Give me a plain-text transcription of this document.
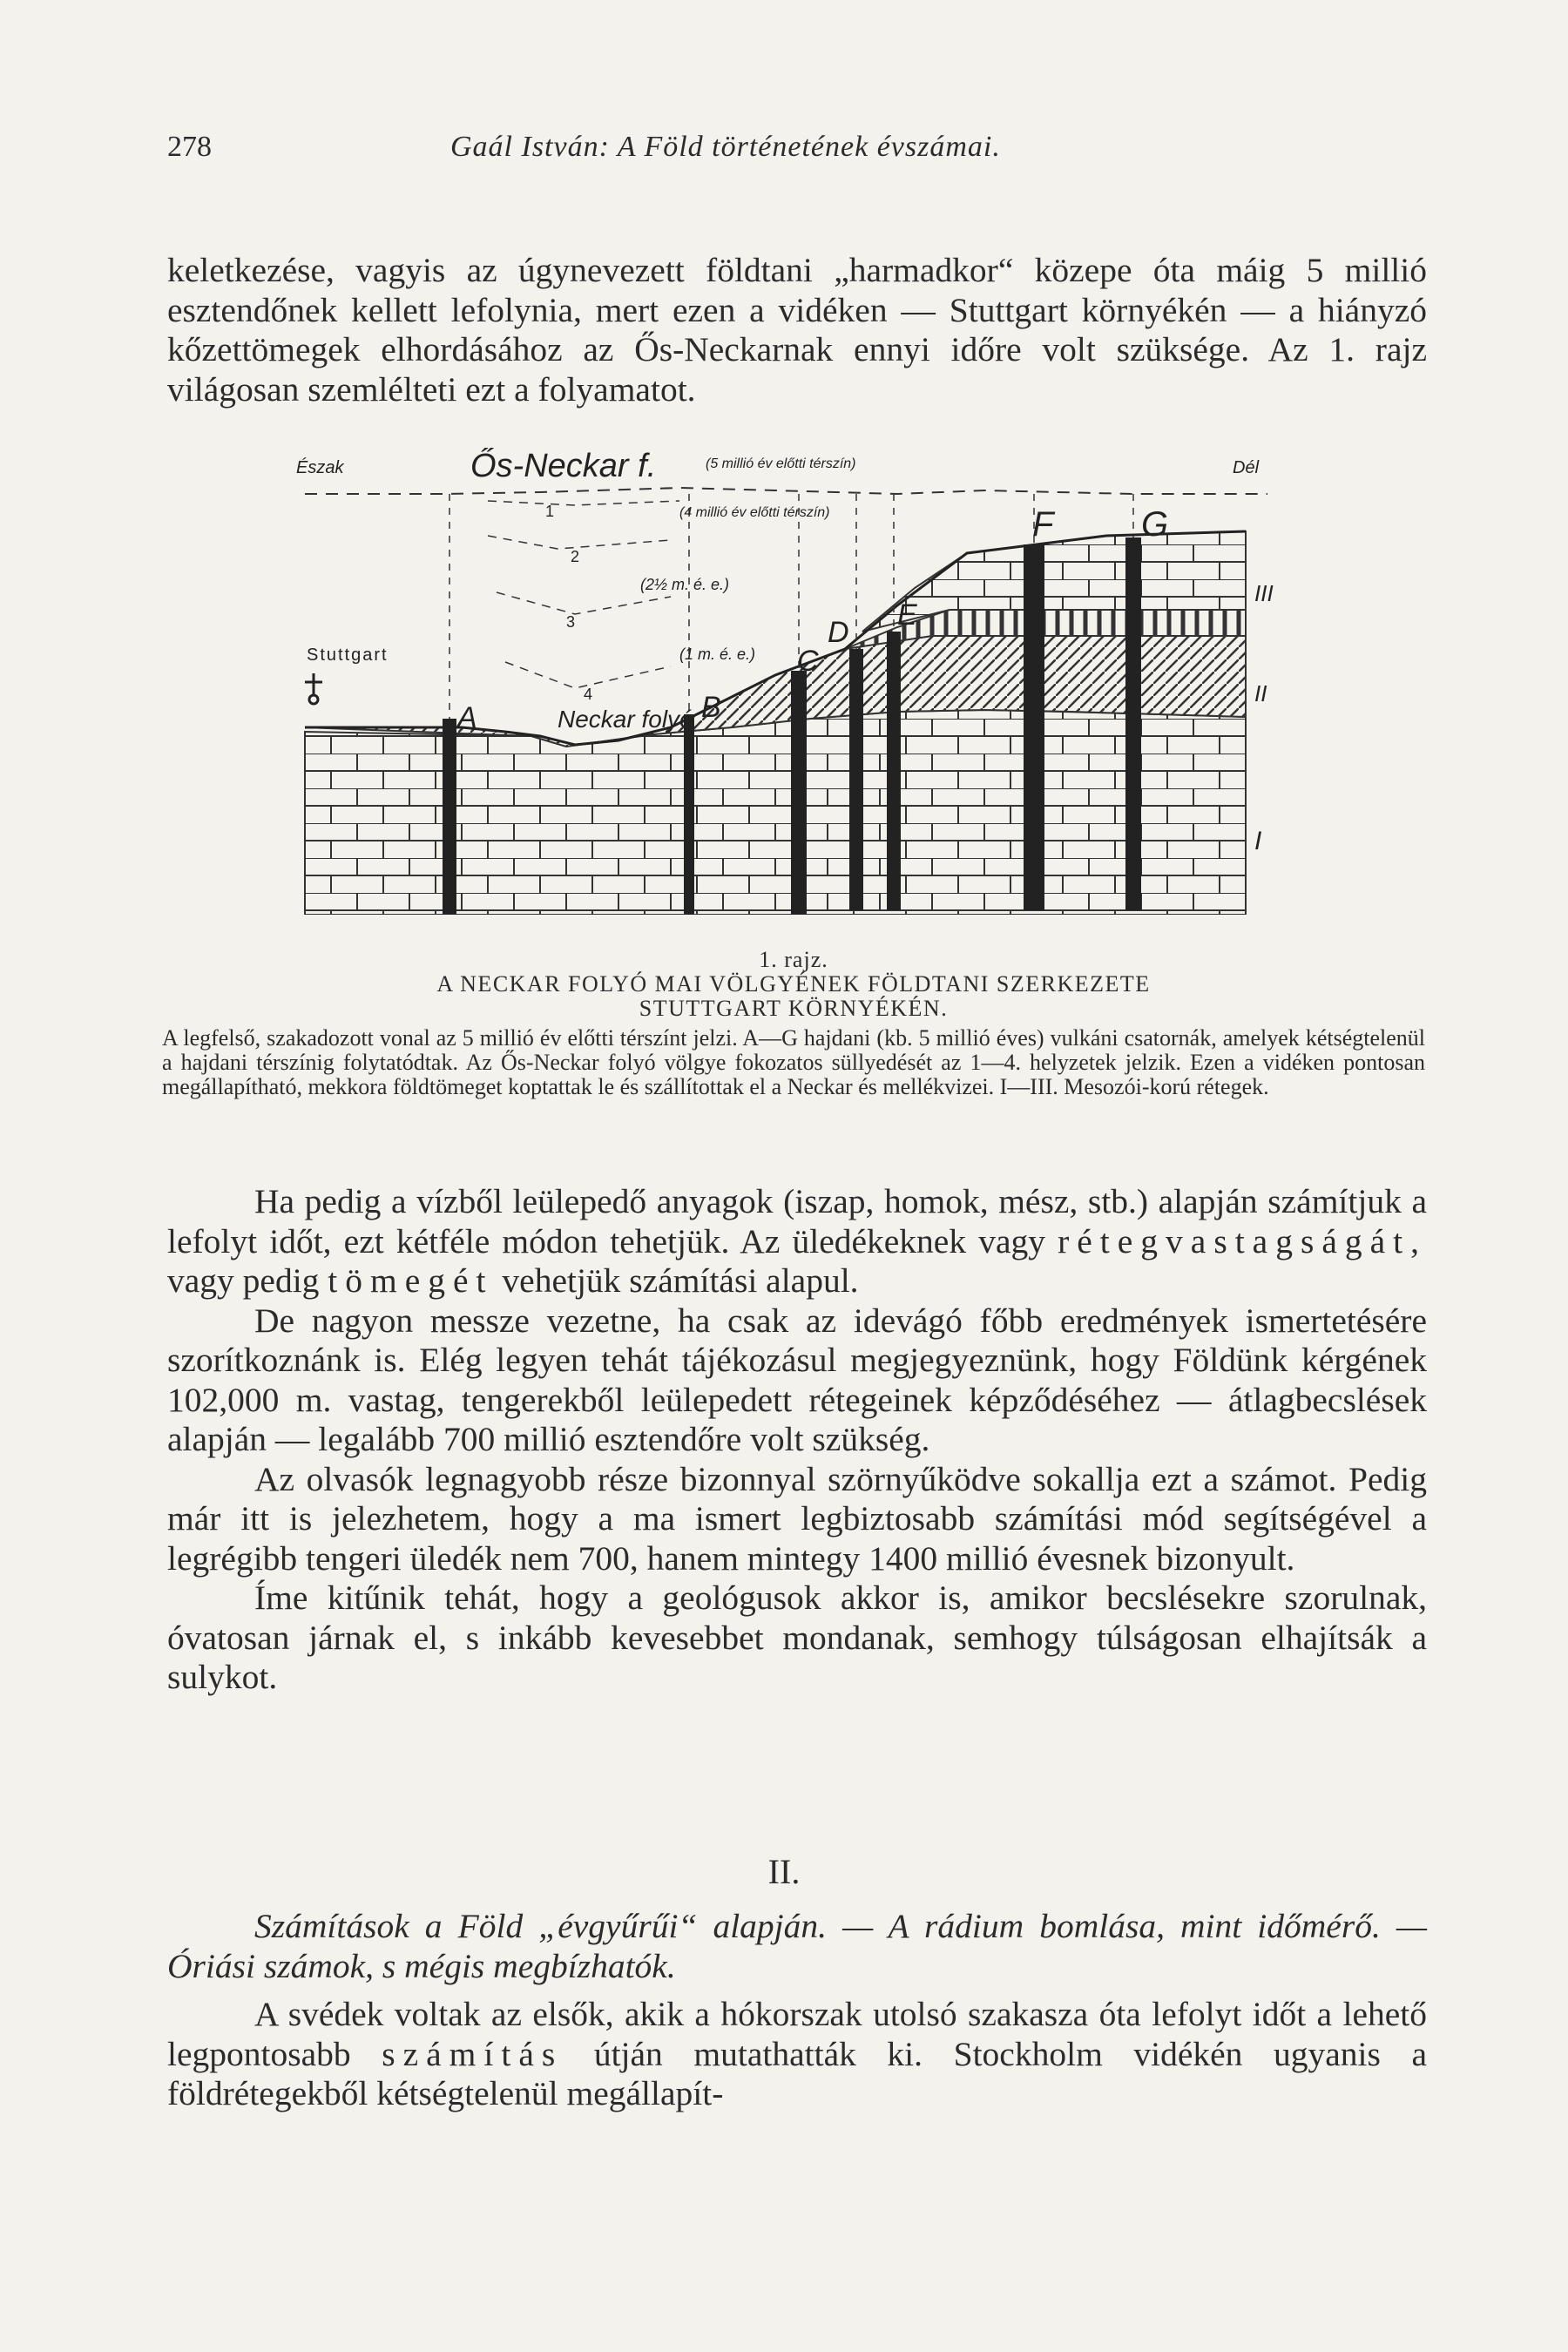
278	Gaál István: A Föld történetének évszámai.

keletkezése, vagyis az úgynevezett földtani „harmadkor“ közepe óta máig 5 millió esztendőnek kellett lefolynia, mert ezen a vidéken — Stuttgart környékén — a hiányzó kőzettömegek elhordásához az Ős-Neckarnak ennyi időre volt szüksége. Az 1. rajz világosan szemlélteti ezt a folyamatot.

Észak	Dél
Ős-Neckar f.	(5 millió év előtti térszín)
(4 millió év előtti térszín)
(2½ m. é. e.)
(1 m. é. e.)
Stuttgart
Neckar folyó
1
2
3
4
A	B
C
D
E
F	G
I
II
III
1. rajz.
A NECKAR FOLYÓ MAI VÖLGYÉNEK FÖLDTANI SZERKEZETE
STUTTGART KÖRNYÉKÉN.
A legfelső, szakadozott vonal az 5 millió év előtti térszínt jelzi. A—G hajdani (kb. 5 millió éves) vulkáni csatornák, amelyek kétségtelenül a hajdani térszínig folytatódtak. Az Ős-Neckar folyó völgye fokozatos süllyedését az 1—4. helyzetek jelzik. Ezen a vidéken pontosan megállapítható, mekkora földtömeget koptattak le és szállítottak el a Neckar és mellékvizei. I—III. Mesozói-korú rétegek.

Ha pedig a vízből leülepedő anyagok (iszap, homok, mész, stb.) alapján számítjuk a lefolyt időt, ezt kétféle módon tehetjük. Az üledékeknek vagy rétegvastagságát, vagy pedig tömegét vehetjük számítási alapul.

De nagyon messze vezetne, ha csak az idevágó főbb eredmények ismertetésére szorítkoznánk is. Elég legyen tehát tájékozásul megjegyeznünk, hogy Földünk kérgének 102,000 m. vastag, tengerekből leülepedett rétegeinek képződéséhez — átlagbecslések alapján — legalább 700 millió esztendőre volt szükség.

Az olvasók legnagyobb része bizonnyal szörnyűködve sokallja ezt a számot. Pedig már itt is jelezhetem, hogy a ma ismert legbiztosabb számítási mód segítségével a legrégibb tengeri üledék nem 700, hanem mintegy 1400 millió évesnek bizonyult.

Íme kitűnik tehát, hogy a geológusok akkor is, amikor becslésekre szorulnak, óvatosan járnak el, s inkább kevesebbet mondanak, semhogy túlságosan elhajítsák a sulykot.

II.
Számítások a Föld „évgyűrűi“ alapján. — A rádium bomlása, mint időmérő. — Óriási számok, s mégis megbízhatók.

A svédek voltak az elsők, akik a hókorszak utolsó szakasza óta lefolyt időt a lehető legpontosabb számítás útján mutathatták ki. Stockholm vidékén ugyanis a földrétegekből kétségtelenül megállapít-
